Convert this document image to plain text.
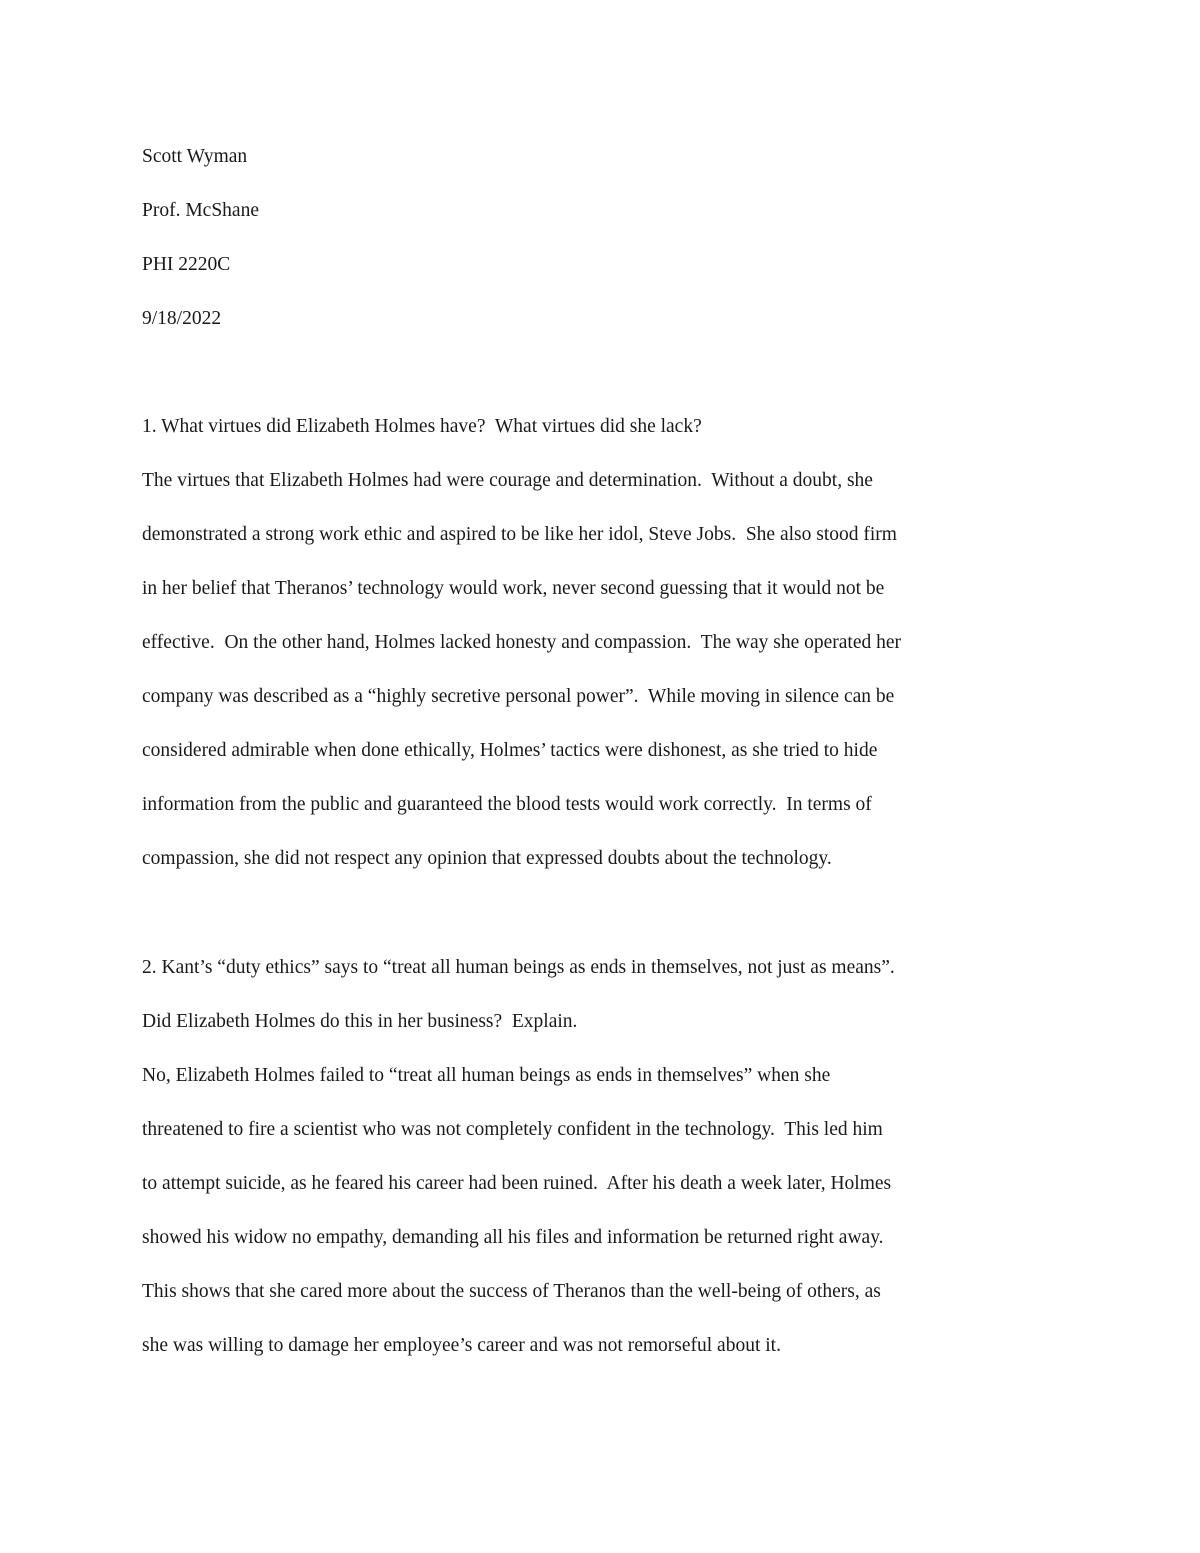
Scott Wyman

Prof. McShane

PHI 2220C

9/18/2022

1. What virtues did Elizabeth Holmes have?  What virtues did she lack?

The virtues that Elizabeth Holmes had were courage and determination.  Without a doubt, she

demonstrated a strong work ethic and aspired to be like her idol, Steve Jobs.  She also stood firm

in her belief that Theranos’ technology would work, never second guessing that it would not be

effective.  On the other hand, Holmes lacked honesty and compassion.  The way she operated her

company was described as a “highly secretive personal power”.  While moving in silence can be

considered admirable when done ethically, Holmes’ tactics were dishonest, as she tried to hide

information from the public and guaranteed the blood tests would work correctly.  In terms of

compassion, she did not respect any opinion that expressed doubts about the technology.

2. Kant’s “duty ethics” says to “treat all human beings as ends in themselves, not just as means”.

Did Elizabeth Holmes do this in her business?  Explain.

No, Elizabeth Holmes failed to “treat all human beings as ends in themselves” when she

threatened to fire a scientist who was not completely confident in the technology.  This led him

to attempt suicide, as he feared his career had been ruined.  After his death a week later, Holmes

showed his widow no empathy, demanding all his files and information be returned right away.

This shows that she cared more about the success of Theranos than the well-being of others, as

she was willing to damage her employee’s career and was not remorseful about it.
